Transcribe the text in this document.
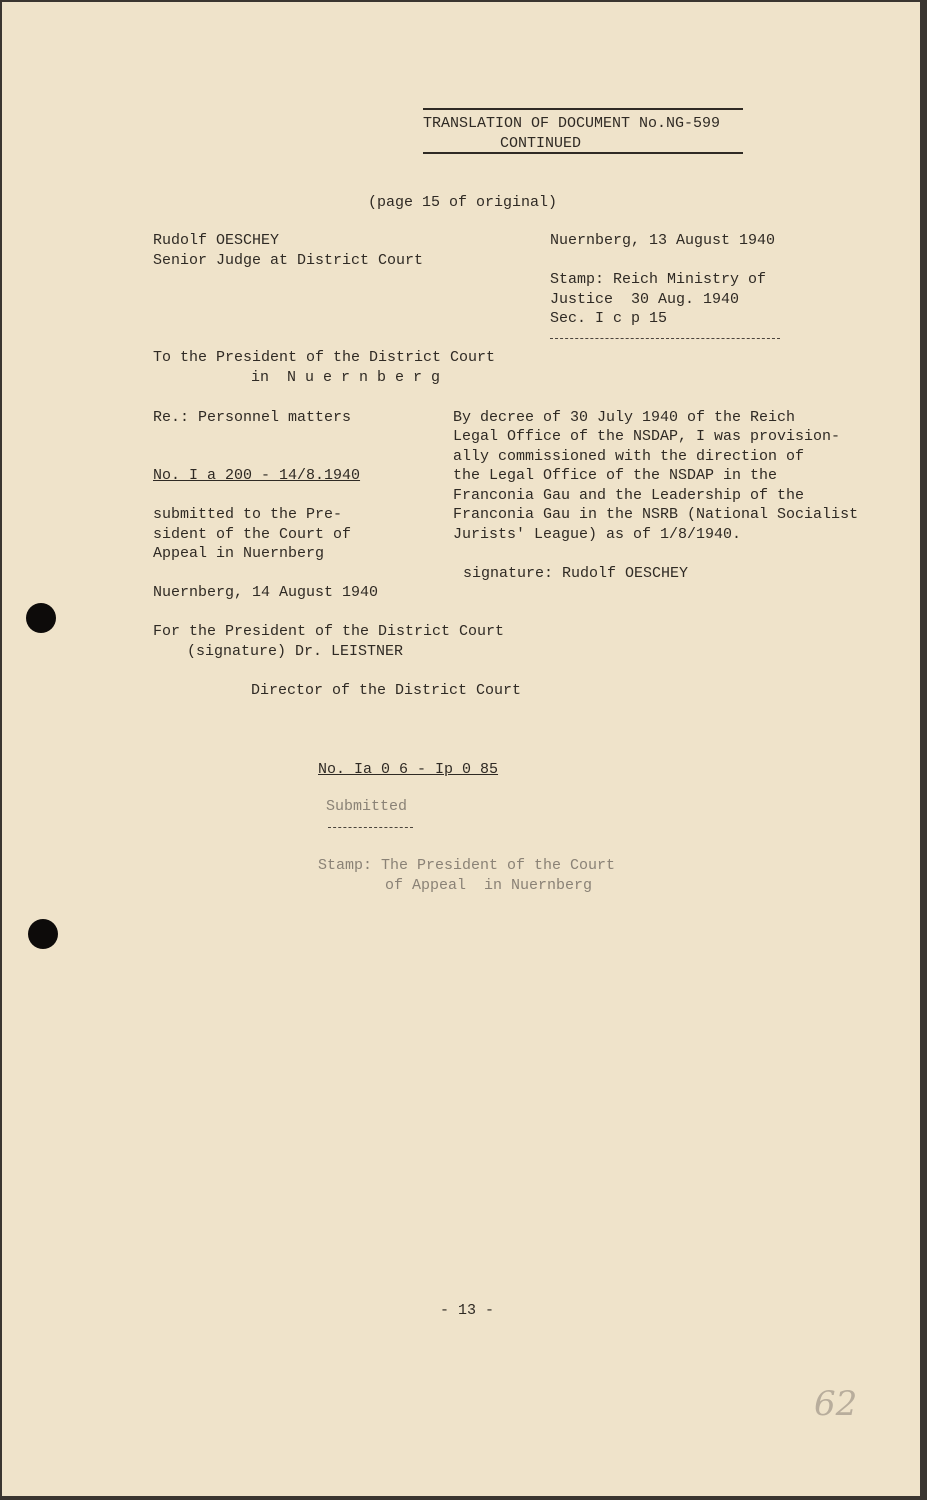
TRANSLATION OF DOCUMENT No.NG-599
CONTINUED
(page 15 of original)
Rudolf OESCHEY
Senior Judge at District Court
Nuernberg, 13 August 1940
Stamp: Reich Ministry of
Justice  30 Aug. 1940
Sec. I c p 15
To the President of the District Court
in  N u e r n b e r g
Re.: Personnel matters	By decree of 30 July 1940 of the Reich
Legal Office of the NSDAP, I was provision-
ally commissioned with the direction of
the Legal Office of the NSDAP in the
Franconia Gau and the Leadership of the
Franconia Gau in the NSRB (National Socialist
Jurists' League) as of 1/8/1940.
signature: Rudolf OESCHEY
No. I a 200 - 14/8.1940
submitted to the Pre-
sident of the Court of
Appeal in Nuernberg
Nuernberg, 14 August 1940
For the President of the District Court
(signature) Dr. LEISTNER
Director of the District Court
No. Ia 0 6 - Ip 0 85
Submitted
Stamp: The President of the Court
of Appeal  in Nuernberg
- 13 -
62
